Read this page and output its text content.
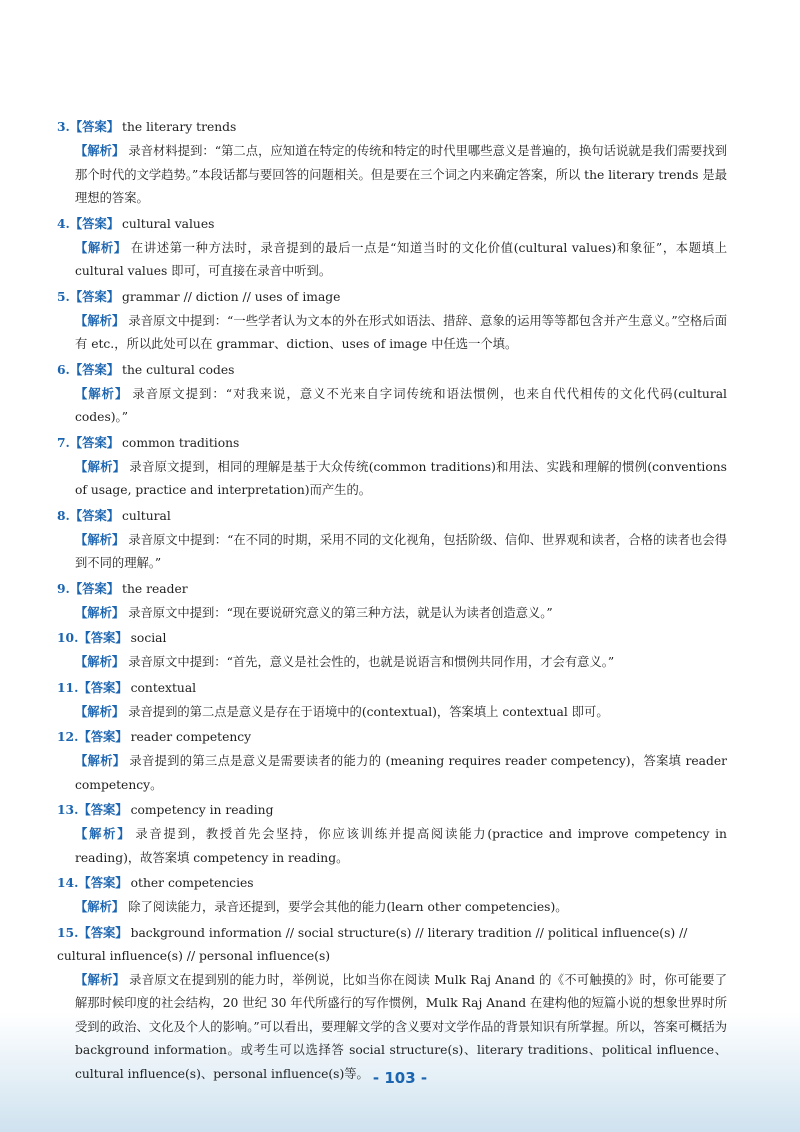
3.【答案】 the literary trends
【解析】 录音材料提到：“第二点，应知道在特定的传统和特定的时代里哪些意义是普遍的，换句话说就是我们需要找到那个时代的文学趋势。”本段话都与要回答的问题相关。但是要在三个词之内来确定答案，所以 the literary trends 是最理想的答案。
4.【答案】 cultural values
【解析】 在讲述第一种方法时，录音提到的最后一点是“知道当时的文化价值(cultural values)和象征”，本题填上 cultural values 即可，可直接在录音中听到。
5.【答案】 grammar // diction // uses of image
【解析】 录音原文中提到：“一些学者认为文本的外在形式如语法、措辞、意象的运用等等都包含并产生意义。”空格后面有 etc.，所以此处可以在 grammar、diction、uses of image 中任选一个填。
6.【答案】 the cultural codes
【解析】 录音原文提到：“对我来说，意义不光来自字词传统和语法惯例，也来自代代相传的文化代码(cultural codes)。”
7.【答案】 common traditions
【解析】 录音原文提到，相同的理解是基于大众传统(common traditions)和用法、实践和理解的惯例(conventions of usage, practice and interpretation)而产生的。
8.【答案】 cultural
【解析】 录音原文中提到：“在不同的时期，采用不同的文化视角，包括阶级、信仰、世界观和读者，合格的读者也会得到不同的理解。”
9.【答案】 the reader
【解析】 录音原文中提到：“现在要说研究意义的第三种方法，就是认为读者创造意义。”
10.【答案】 social
【解析】 录音原文中提到：“首先，意义是社会性的，也就是说语言和惯例共同作用，才会有意义。”
11.【答案】 contextual
【解析】 录音提到的第二点是意义是存在于语境中的(contextual)，答案填上 contextual 即可。
12.【答案】 reader competency
【解析】 录音提到的第三点是意义是需要读者的能力的 (meaning requires reader competency)，答案填 reader competency。
13.【答案】 competency in reading
【解析】 录音提到，教授首先会坚持，你应该训练并提高阅读能力(practice and improve competency in reading)，故答案填 competency in reading。
14.【答案】 other competencies
【解析】 除了阅读能力，录音还提到，要学会其他的能力(learn other competencies)。
15.【答案】 background information // social structure(s) // literary tradition // political influence(s) // cultural influence(s) // personal influence(s)
【解析】 录音原文在提到别的能力时，举例说，比如当你在阅读 Mulk Raj Anand 的《不可触摸的》时，你可能要了解那时候印度的社会结构，20 世纪 30 年代所盛行的写作惯例，Mulk Raj Anand 在建构他的短篇小说的想象世界时所受到的政治、文化及个人的影响。”可以看出，要理解文学的含义要对文学作品的背景知识有所掌握。所以，答案可概括为 background information。或考生可以选择答 social structure(s)、literary traditions、political influence、cultural influence(s)、personal influence(s)等。 - 103 -
